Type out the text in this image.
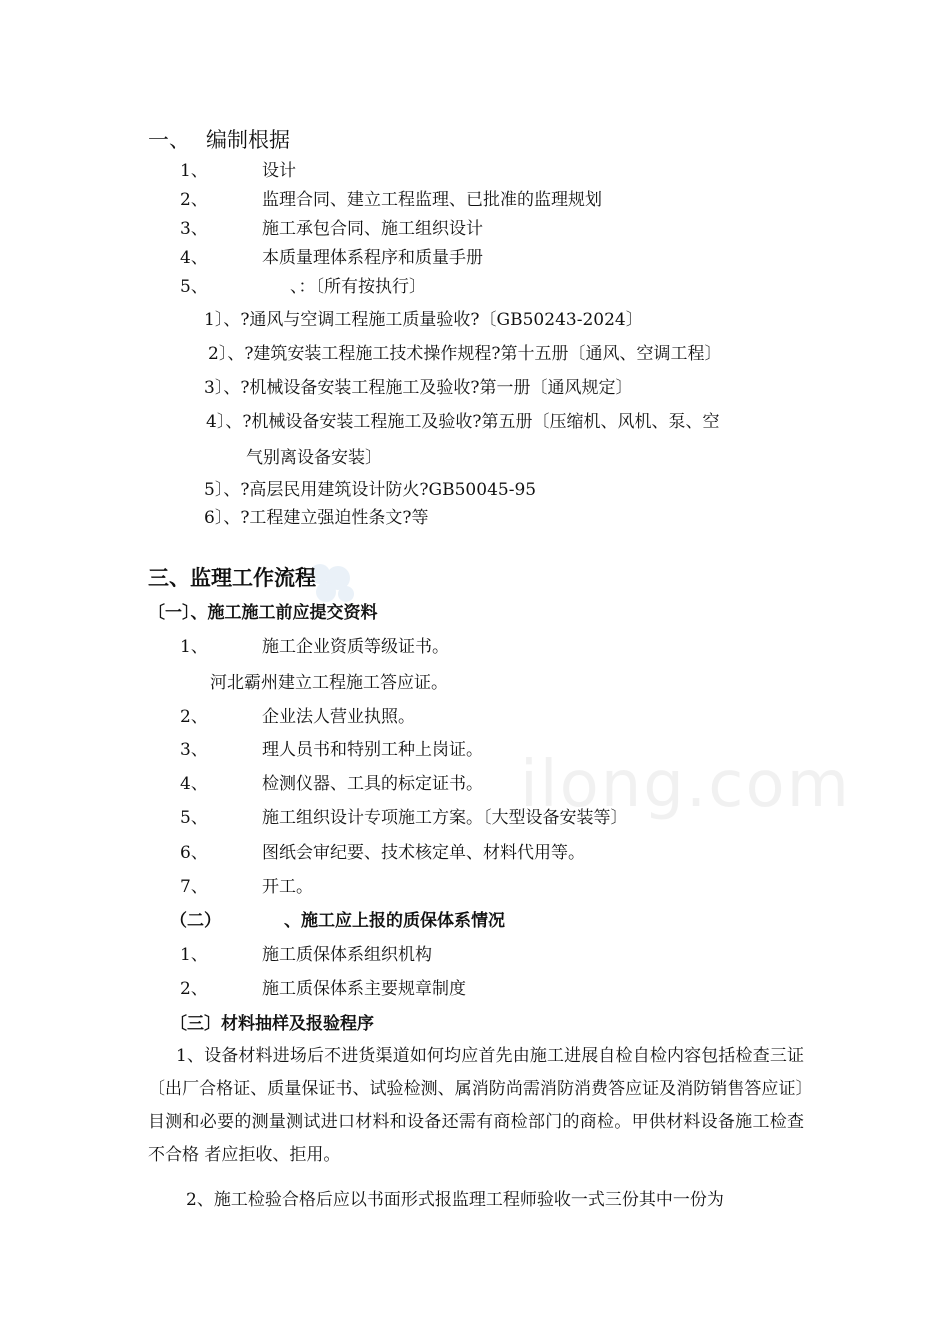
一、 编制根据
1、	设计
2、	监理合同、建立工程监理、已批准的监理规划
3、	施工承包合同、施工组织设计
4、	本质量理体系程序和质量手册
5、	、：〔所有按执行〕
1〕、?通风与空调工程施工质量验收?〔GB50243-2024〕
2〕、?建筑安装工程施工技术操作规程?第十五册〔通风、空调工程〕
3〕、?机械设备安装工程施工及验收?第一册〔通风规定〕
4〕、?机械设备安装工程施工及验收?第五册〔压缩机、风机、泵、空
气别离设备安装〕
5〕、?高层民用建筑设计防火?GB50045-95
6〕、?工程建立强迫性条文?等
三、监理工作流程
〔一〕、施工施工前应提交资料
1、	施工企业资质等级证书。
河北霸州建立工程施工答应证。
2、	企业法人营业执照。
3、	理人员书和特别工种上岗证。
4、	检测仪器、工具的标定证书。
5、	施工组织设计专项施工方案。〔大型设备安装等〕
6、	图纸会审纪要、技术核定单、材料代用等。
7、	开工。
ilong.com
（二）	、施工应上报的质保体系情况
1、	施工质保体系组织机构
2、	施工质保体系主要规章制度
〔三〕材料抽样及报验程序
1、设备材料进场后不进货渠道如何均应首先由施工进展自检自检内容包括检查三证〔出厂合格证、质量保证书、试验检测、属消防尚需消防消费答应证及消防销售答应证〕目测和必要的测量测试进口材料和设备还需有商检部门的商检。甲供材料设备施工检查不合格 者应拒收、拒用。
2、施工检验合格后应以书面形式报监理工程师验收一式三份其中一份为
